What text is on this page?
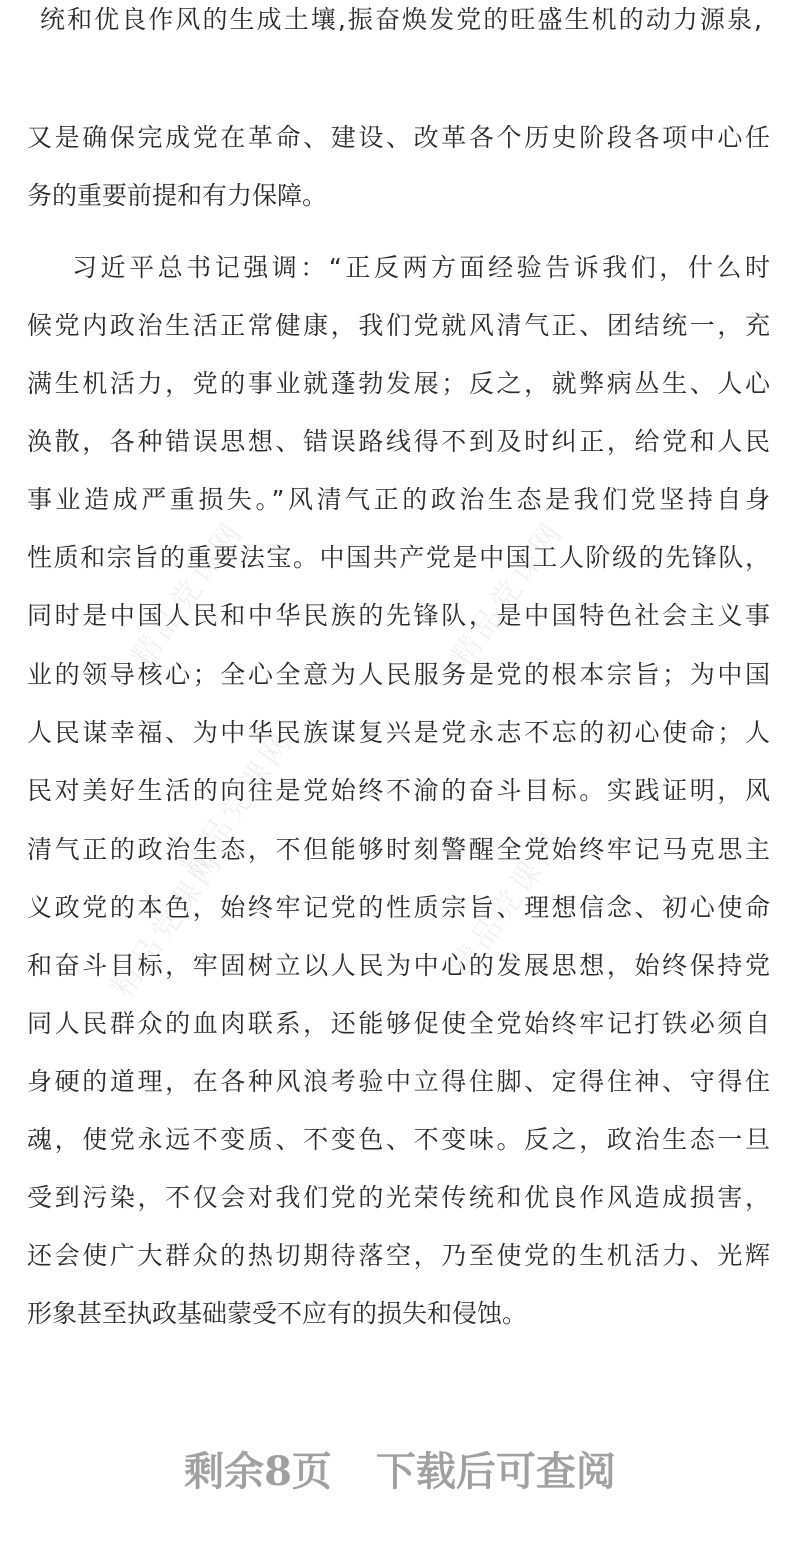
统和优良作风的生成土壤,振奋焕发党的旺盛生机的动力源泉,
又是确保完成党在革命、建设、改革各个历史阶段各项中心任
务的重要前提和有力保障。
习近平总书记强调：“正反两方面经验告诉我们，什么时
候党内政治生活正常健康，我们党就风清气正、团结统一，充
满生机活力，党的事业就蓬勃发展；反之，就弊病丛生、人心
涣散，各种错误思想、错误路线得不到及时纠正，给党和人民
事业造成严重损失。”风清气正的政治生态是我们党坚持自身
性质和宗旨的重要法宝。中国共产党是中国工人阶级的先锋队，
同时是中国人民和中华民族的先锋队，是中国特色社会主义事
业的领导核心；全心全意为人民服务是党的根本宗旨；为中国
人民谋幸福、为中华民族谋复兴是党永志不忘的初心使命；人
民对美好生活的向往是党始终不渝的奋斗目标。实践证明，风
清气正的政治生态，不但能够时刻警醒全党始终牢记马克思主
义政党的本色，始终牢记党的性质宗旨、理想信念、初心使命
和奋斗目标，牢固树立以人民为中心的发展思想，始终保持党
同人民群众的血肉联系，还能够促使全党始终牢记打铁必须自
身硬的道理，在各种风浪考验中立得住脚、定得住神、守得住
魂，使党永远不变质、不变色、不变味。反之，政治生态一旦
受到污染，不仅会对我们党的光荣传统和优良作风造成损害，
还会使广大群众的热切期待落空，乃至使党的生机活力、光辉
形象甚至执政基础蒙受不应有的损失和侵蚀。
精品党课网	精品党课网
精品党课网
精品党课网
精品党课网
剩余8页 下载后可查阅
